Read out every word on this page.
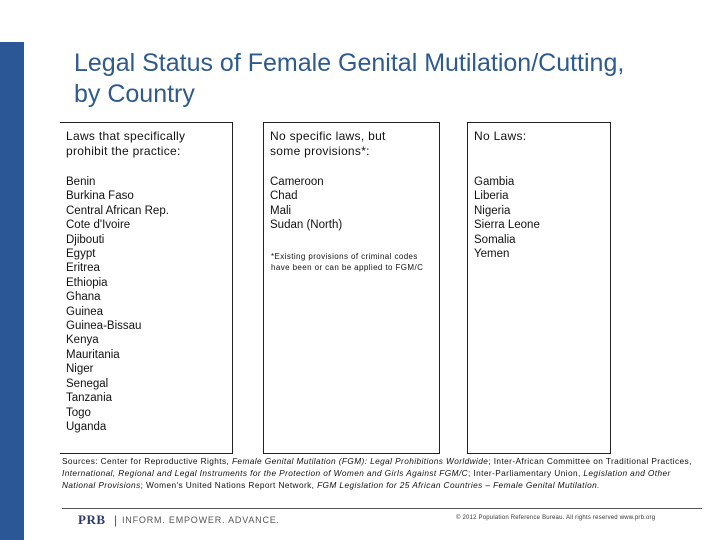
Legal Status of Female Genital Mutilation/Cutting,
by Country
Laws that specifically
prohibit the practice:
Benin
Burkina Faso
Central African Rep.
Cote d'Ivoire
Djibouti
Egypt
Eritrea
Ethiopia
Ghana
Guinea
Guinea-Bissau
Kenya
Mauritania
Niger
Senegal
Tanzania
Togo
Uganda
No specific laws, but
some provisions*:
Cameroon
Chad
Mali
Sudan (North)
*Existing provisions of criminal codes have been or can be applied to FGM/C
No Laws:
Gambia
Liberia
Nigeria
Sierra Leone
Somalia
Yemen
Sources: Center for Reproductive Rights, Female Genital Mutilation (FGM): Legal Prohibitions Worldwide; Inter-African Committee on Traditional Practices, International, Regional and Legal Instruments for the Protection of Women and Girls Against FGM/C; Inter-Parliamentary Union, Legislation and Other National Provisions; Women's United Nations Report Network, FGM Legislation for 25 African Countries – Female Genital Mutilation.
PRB | INFORM. EMPOWER. ADVANCE.	© 2012 Population Reference Bureau. All rights reserved www.prb.org
